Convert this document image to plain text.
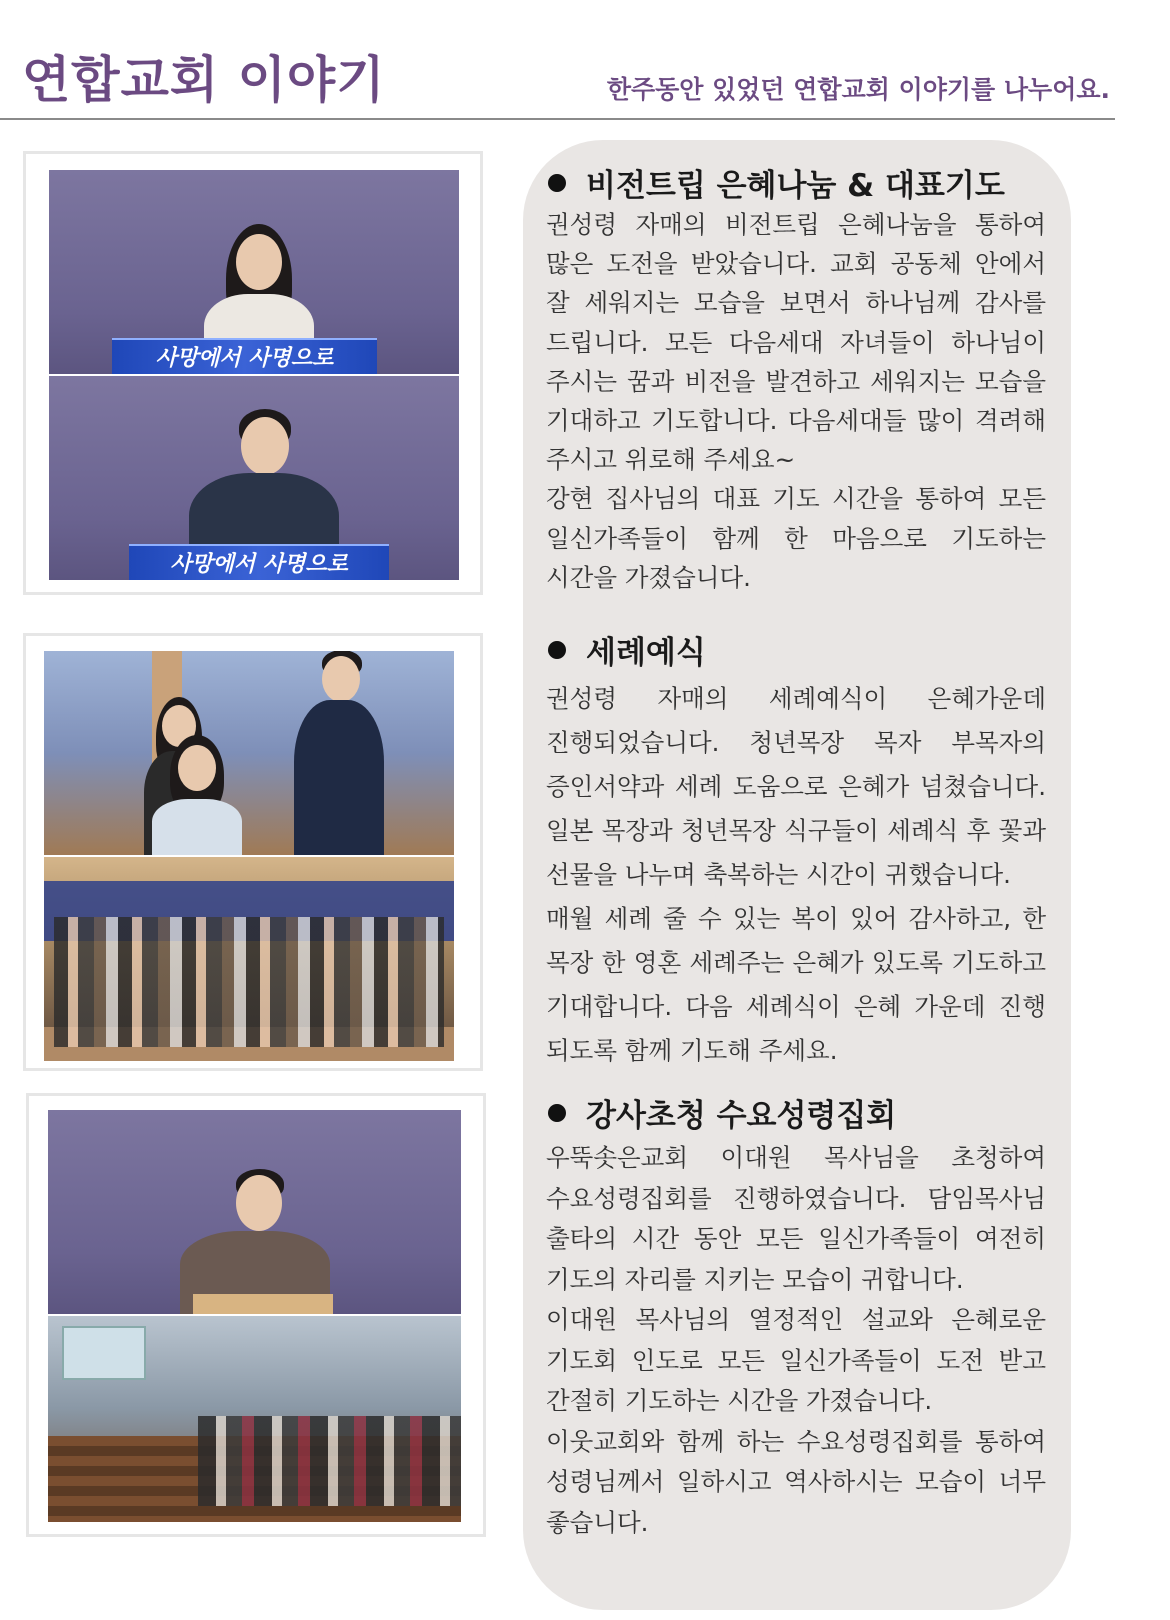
연합교회 이야기	한주동안 있었던 연합교회 이야기를 나누어요.
사망에서 사명으로
사망에서 사명으로
비전트립 은혜나눔 & 대표기도

권성령 자매의 비전트립 은혜나눔을 통하여 많은 도전을 받았습니다. 교회 공동체 안에서 잘 세워지는 모습을 보면서 하나님께 감사를 드립니다. 모든 다음세대 자녀들이 하나님이 주시는 꿈과 비전을 발견하고 세워지는 모습을 기대하고 기도합니다. 다음세대들 많이 격려해 주시고 위로해 주세요~

강현 집사님의 대표 기도 시간을 통하여 모든 일신가족들이 함께 한 마음으로 기도하는 시간을 가졌습니다.

세례예식

권성령 자매의 세례예식이 은혜가운데 진행되었습니다. 청년목장 목자 부목자의 증인서약과 세례 도움으로 은혜가 넘쳤습니다. 일본 목장과 청년목장 식구들이 세례식 후 꽃과 선물을 나누며 축복하는 시간이 귀했습니다.

매월 세례 줄 수 있는 복이 있어 감사하고, 한 목장 한 영혼 세례주는 은혜가 있도록 기도하고 기대합니다. 다음 세례식이 은혜 가운데 진행 되도록 함께 기도해 주세요.

강사초청 수요성령집회

우뚝솟은교회 이대원 목사님을 초청하여 수요성령집회를 진행하였습니다. 담임목사님 출타의 시간 동안 모든 일신가족들이 여전히 기도의 자리를 지키는 모습이 귀합니다.

이대원 목사님의 열정적인 설교와 은혜로운 기도회 인도로 모든 일신가족들이 도전 받고 간절히 기도하는 시간을 가졌습니다.

이웃교회와 함께 하는 수요성령집회를 통하여 성령님께서 일하시고 역사하시는 모습이 너무 좋습니다.
